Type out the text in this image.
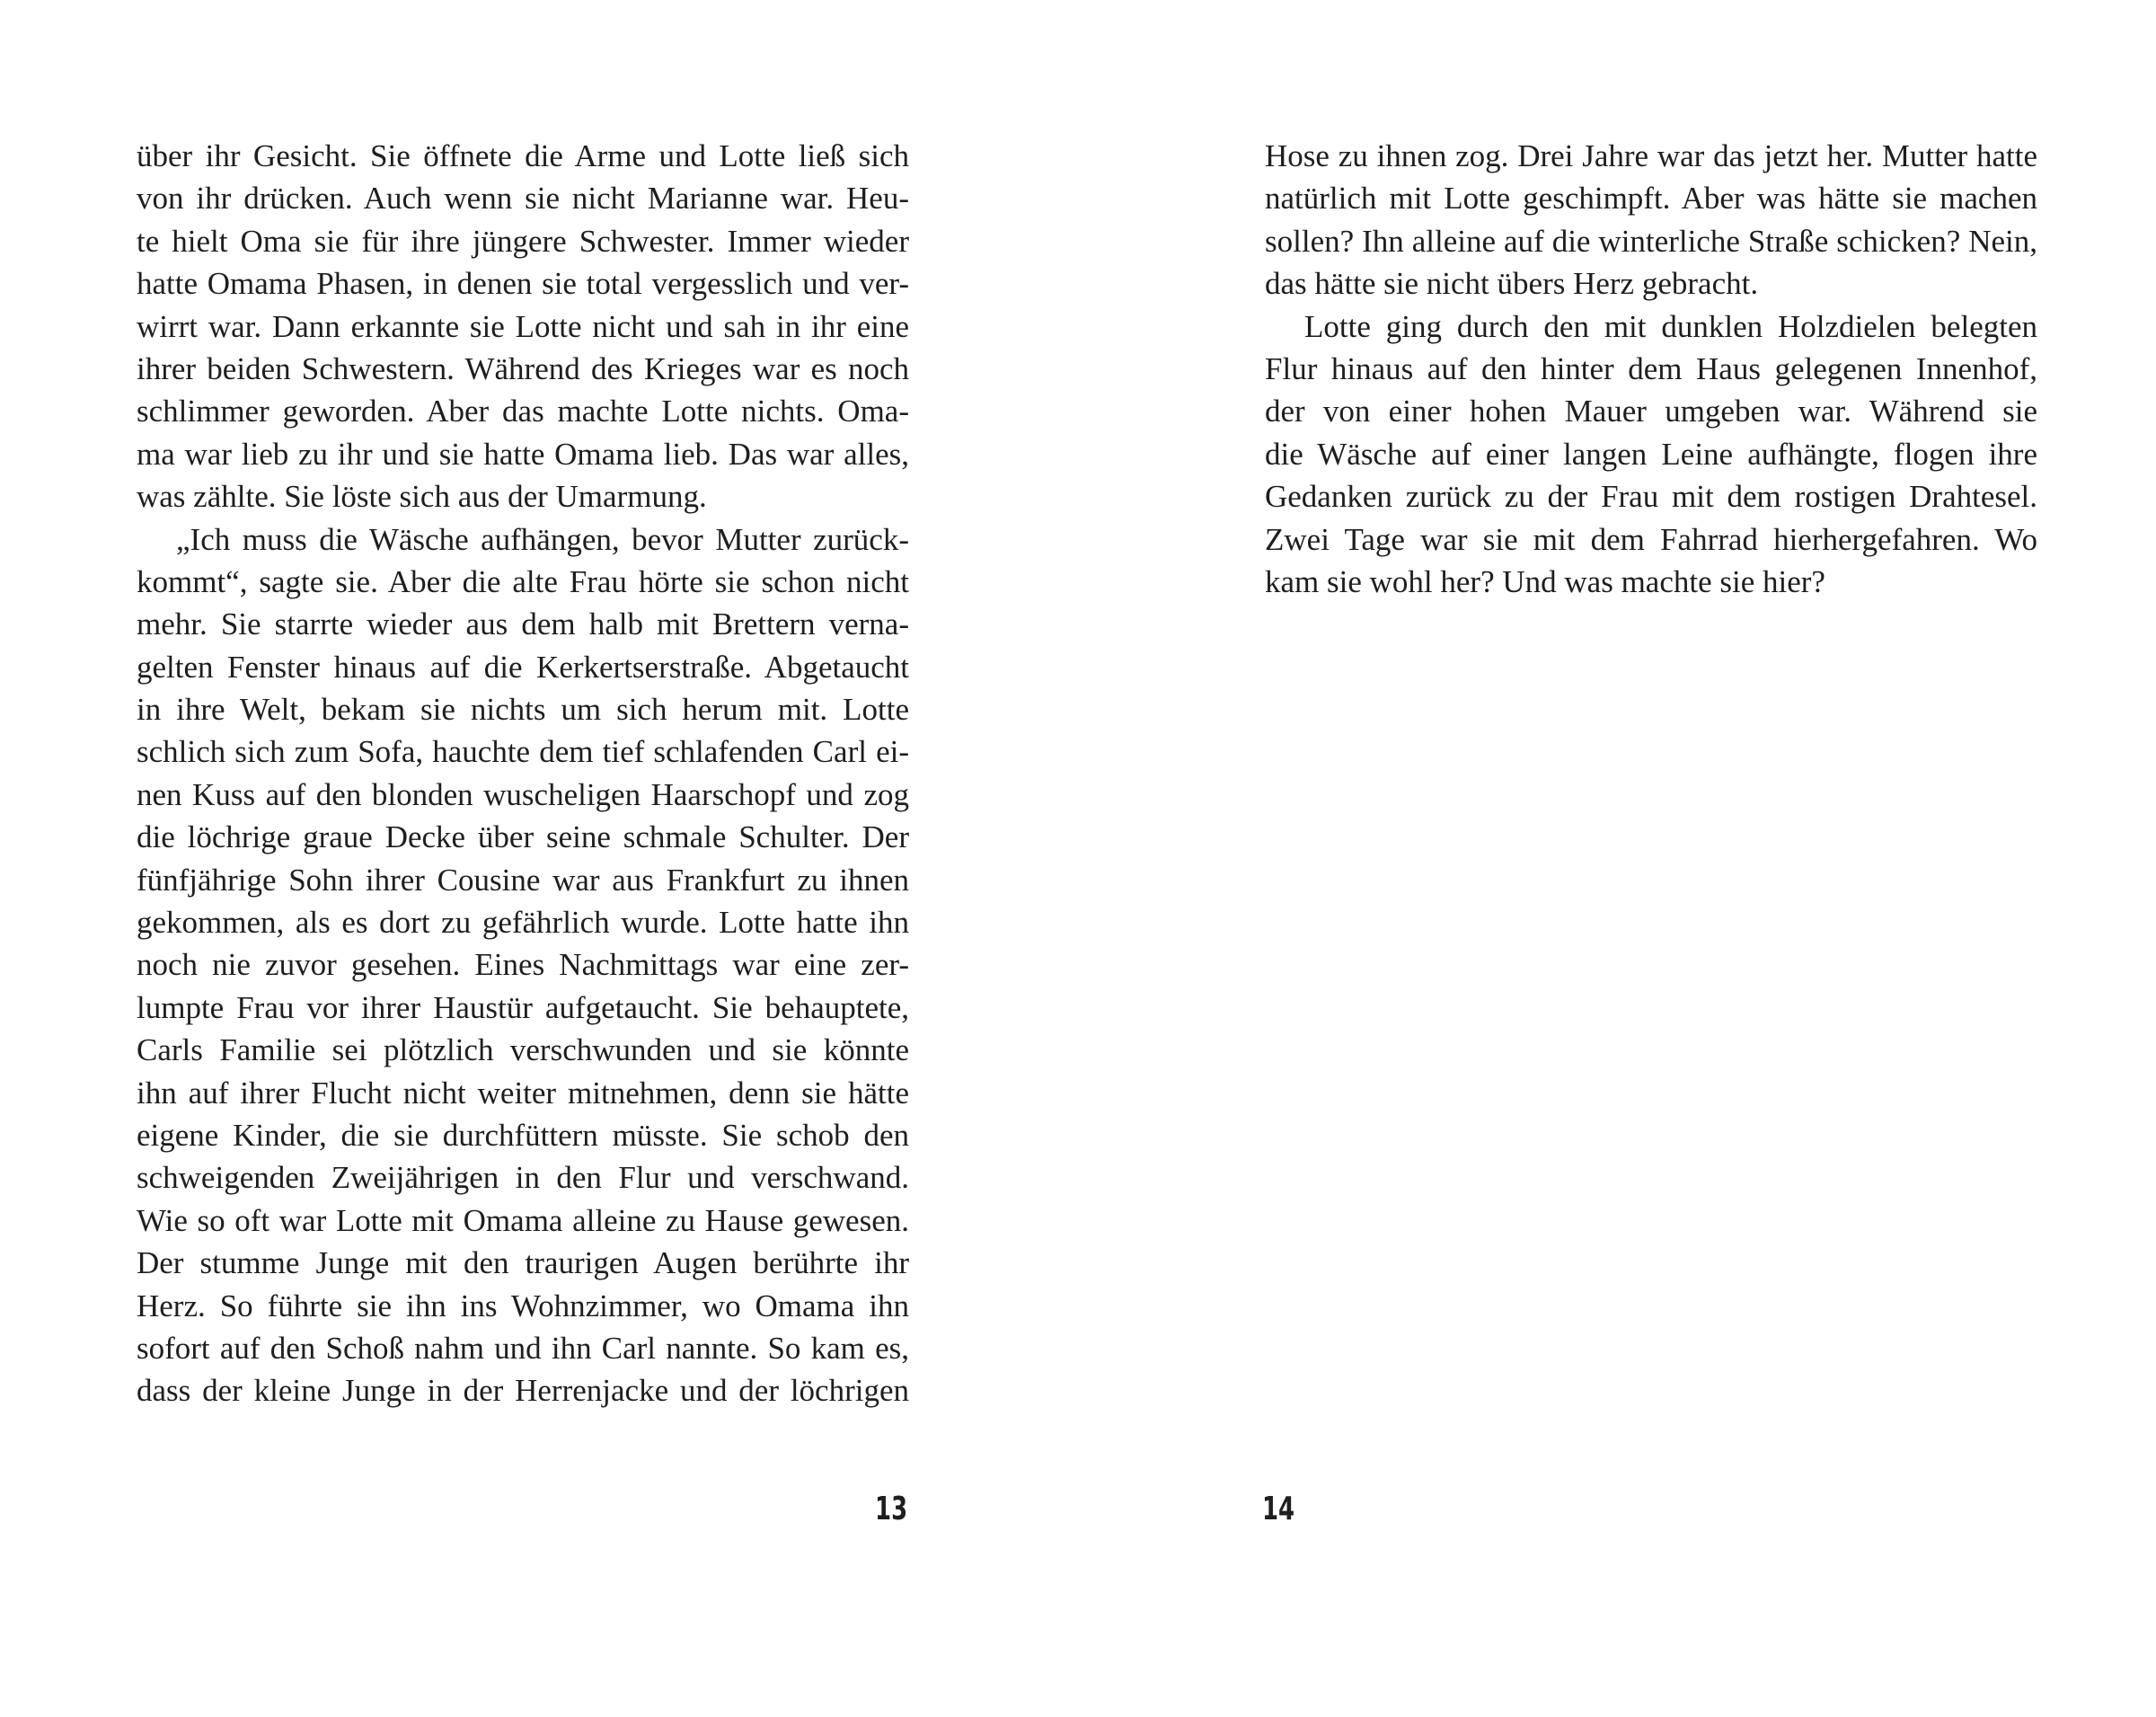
über ihr Gesicht. Sie öffnete die Arme und Lotte ließ sich
von ihr drücken. Auch wenn sie nicht Marianne war. Heu-
te hielt Oma sie für ihre jüngere Schwester. Immer wieder
hatte Omama Phasen, in denen sie total vergesslich und ver-
wirrt war. Dann erkannte sie Lotte nicht und sah in ihr eine
ihrer beiden Schwestern. Während des Krieges war es noch
schlimmer geworden. Aber das machte Lotte nichts. Oma-
ma war lieb zu ihr und sie hatte Omama lieb. Das war alles,
was zählte. Sie löste sich aus der Umarmung.
„Ich muss die Wäsche aufhängen, bevor Mutter zurück-
kommt“, sagte sie. Aber die alte Frau hörte sie schon nicht
mehr. Sie starrte wieder aus dem halb mit Brettern verna-
gelten Fenster hinaus auf die Kerkertserstraße. Abgetaucht
in ihre Welt, bekam sie nichts um sich herum mit. Lotte
schlich sich zum Sofa, hauchte dem tief schlafenden Carl ei-
nen Kuss auf den blonden wuscheligen Haarschopf und zog
die löchrige graue Decke über seine schmale Schulter. Der
fünfjährige Sohn ihrer Cousine war aus Frankfurt zu ihnen
gekommen, als es dort zu gefährlich wurde. Lotte hatte ihn
noch nie zuvor gesehen. Eines Nachmittags war eine zer-
lumpte Frau vor ihrer Haustür aufgetaucht. Sie behauptete,
Carls Familie sei plötzlich verschwunden und sie könnte
ihn auf ihrer Flucht nicht weiter mitnehmen, denn sie hätte
eigene Kinder, die sie durchfüttern müsste. Sie schob den
schweigenden Zweijährigen in den Flur und verschwand.
Wie so oft war Lotte mit Omama alleine zu Hause gewesen.
Der stumme Junge mit den traurigen Augen berührte ihr
Herz. So führte sie ihn ins Wohnzimmer, wo Omama ihn
sofort auf den Schoß nahm und ihn Carl nannte. So kam es,
dass der kleine Junge in der Herrenjacke und der löchrigen
Hose zu ihnen zog. Drei Jahre war das jetzt her. Mutter hatte
natürlich mit Lotte geschimpft. Aber was hätte sie machen
sollen? Ihn alleine auf die winterliche Straße schicken? Nein,
das hätte sie nicht übers Herz gebracht.
Lotte ging durch den mit dunklen Holzdielen belegten
Flur hinaus auf den hinter dem Haus gelegenen Innenhof,
der von einer hohen Mauer umgeben war. Während sie
die Wäsche auf einer langen Leine aufhängte, flogen ihre
Gedanken zurück zu der Frau mit dem rostigen Drahtesel.
Zwei Tage war sie mit dem Fahrrad hierhergefahren. Wo
kam sie wohl her? Und was machte sie hier?
13	14
